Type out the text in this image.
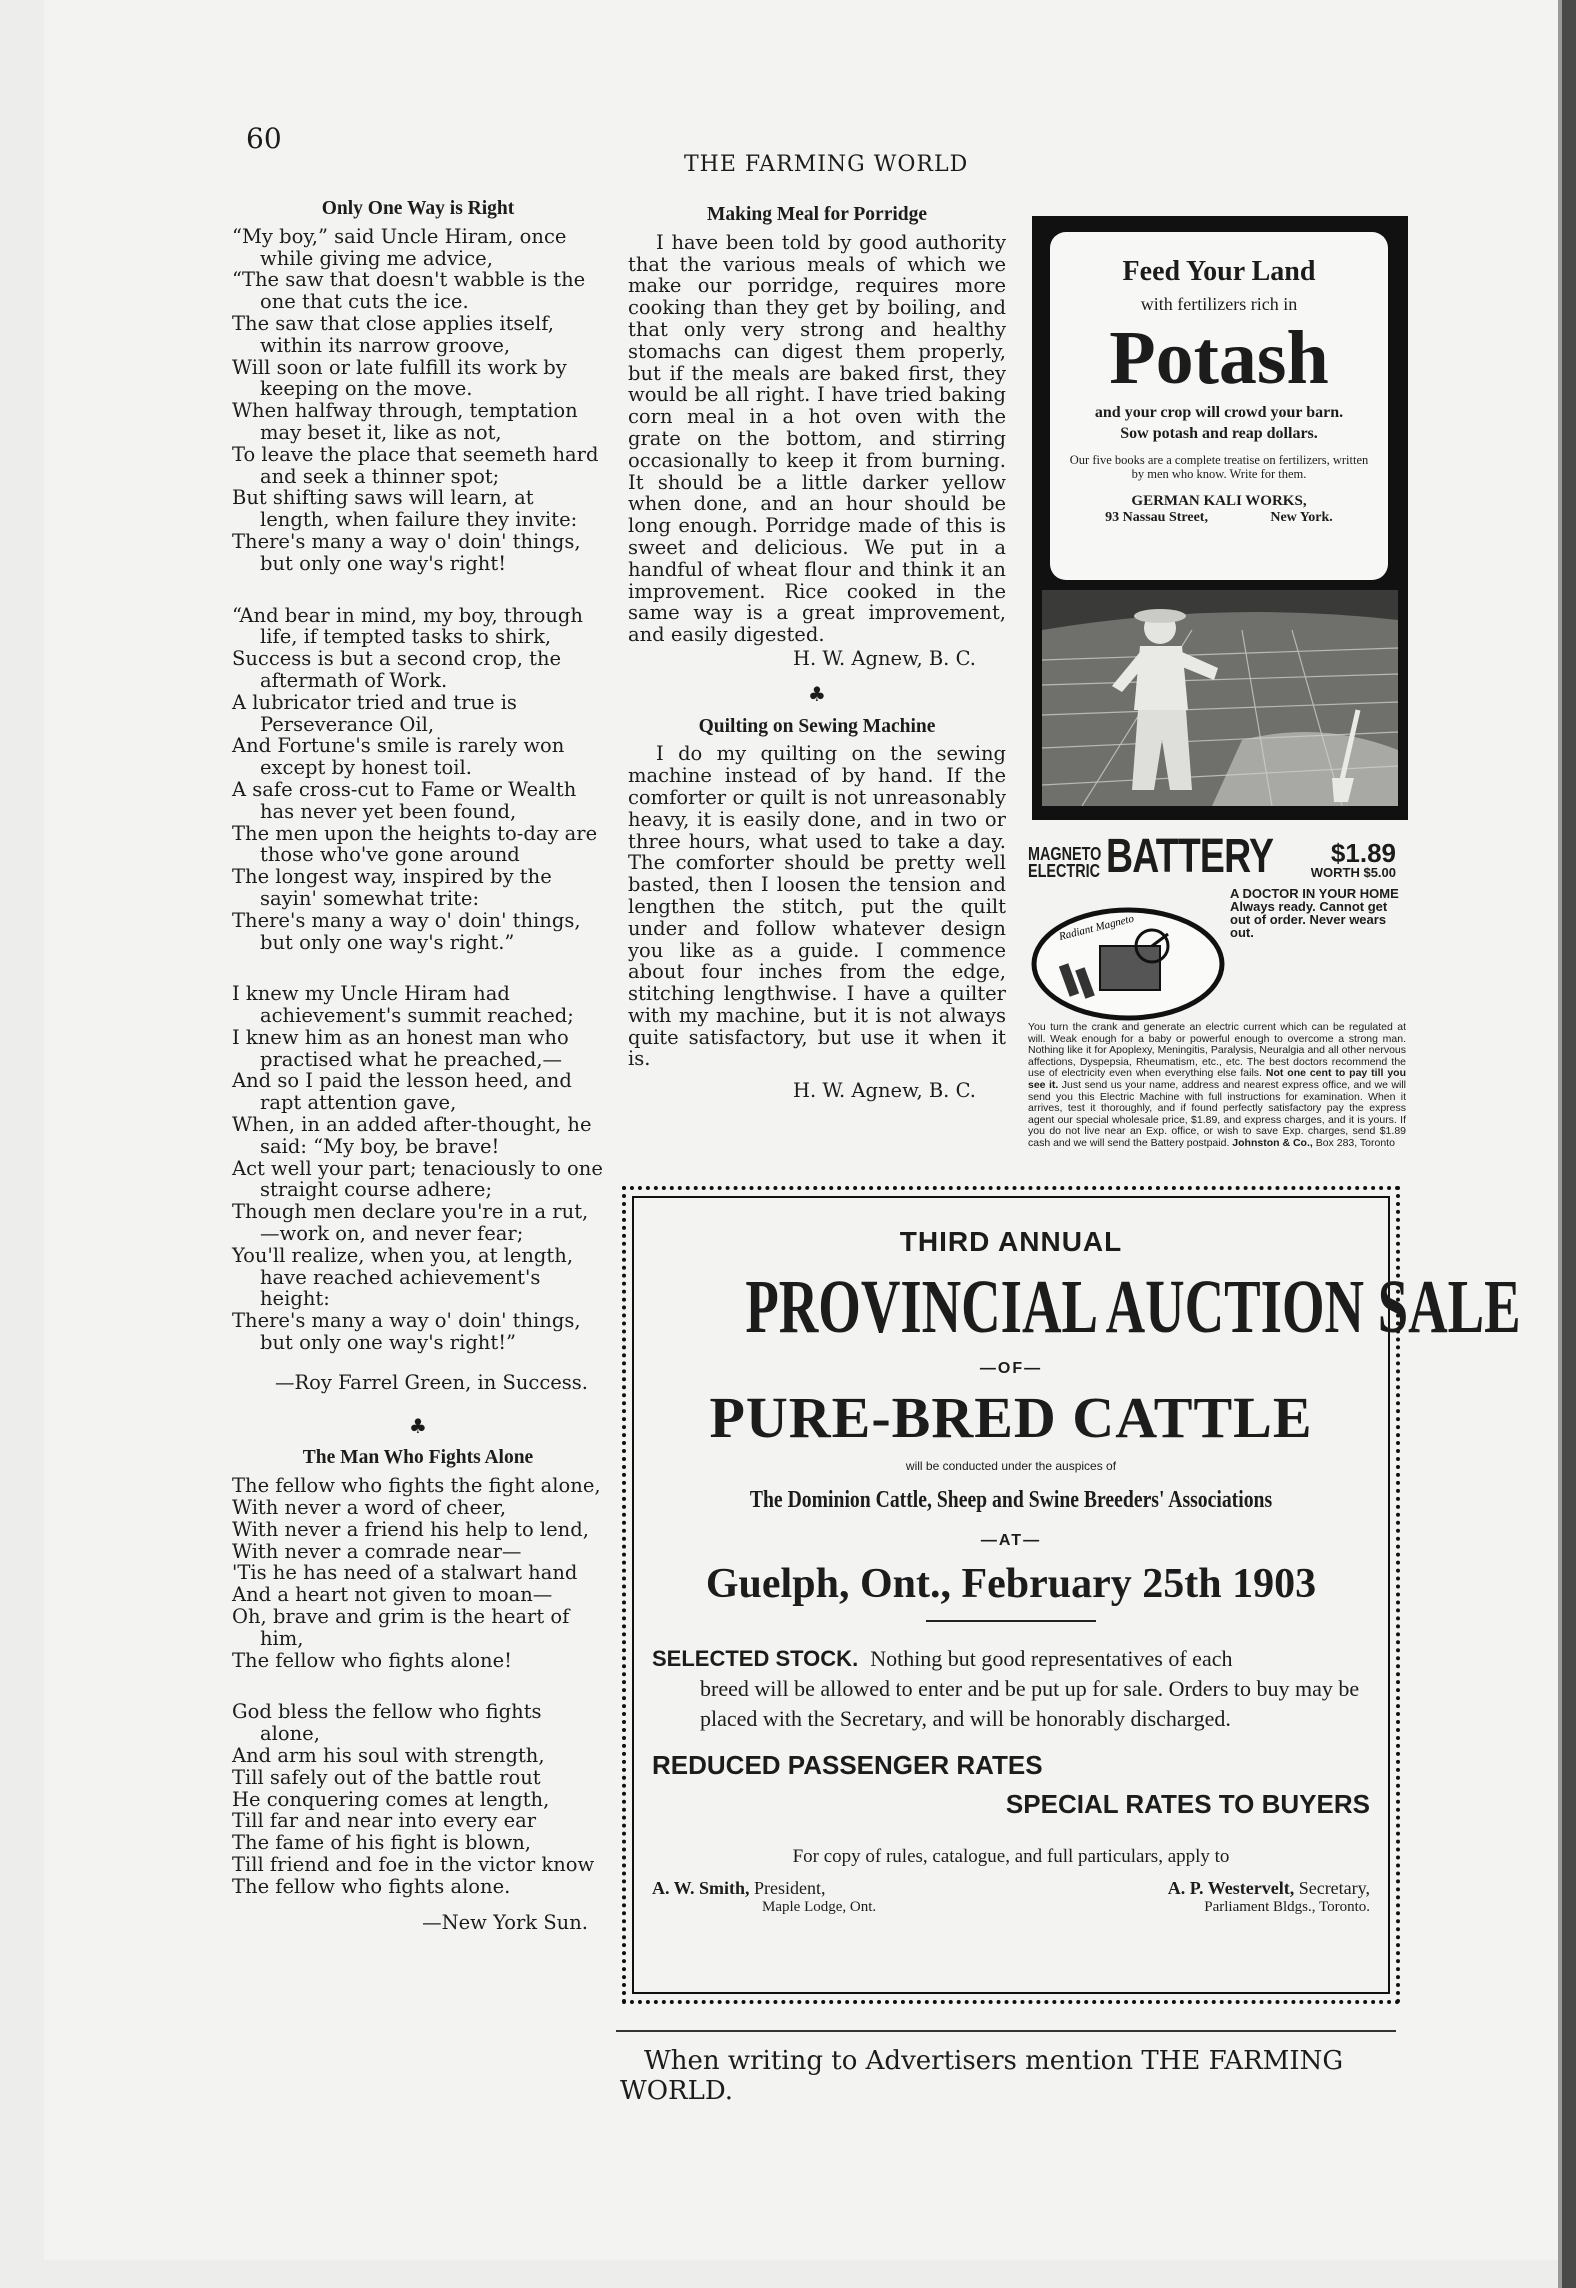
60
THE FARMING WORLD
Only One Way is Right
“My boy,” said Uncle Hiram, once while giving me advice,
“The saw that doesn't wabble is the one that cuts the ice.
The saw that close applies itself, within its narrow groove,
Will soon or late fulfill its work by keeping on the move.
When halfway through, temptation may beset it, like as not,
To leave the place that seemeth hard and seek a thinner spot;
But shifting saws will learn, at length, when failure they invite:
There's many a way o' doin' things, but only one way's right!
“And bear in mind, my boy, through life, if tempted tasks to shirk,
Success is but a second crop, the aftermath of Work.
A lubricator tried and true is Perseverance Oil,
And Fortune's smile is rarely won except by honest toil.
A safe cross-cut to Fame or Wealth has never yet been found,
The men upon the heights to-day are those who've gone around
The longest way, inspired by the sayin' somewhat trite:
There's many a way o' doin' things, but only one way's right.”
I knew my Uncle Hiram had achievement's summit reached;
I knew him as an honest man who practised what he preached,—
And so I paid the lesson heed, and rapt attention gave,
When, in an added after-thought, he said: “My boy, be brave!
Act well your part; tenaciously to one straight course adhere;
Though men declare you're in a rut,—work on, and never fear;
You'll realize, when you, at length, have reached achievement's height:
There's many a way o' doin' things, but only one way's right!”
—Roy Farrel Green, in Success.
♣
The Man Who Fights Alone
The fellow who fights the fight alone,
With never a word of cheer,
With never a friend his help to lend,
With never a comrade near—
'Tis he has need of a stalwart hand
And a heart not given to moan—
Oh, brave and grim is the heart of him,
The fellow who fights alone!
God bless the fellow who fights alone,
And arm his soul with strength,
Till safely out of the battle rout
He conquering comes at length,
Till far and near into every ear
The fame of his fight is blown,
Till friend and foe in the victor know
The fellow who fights alone.
—New York Sun.
Making Meal for Porridge

I have been told by good authority that the various meals of which we make our porridge, requires more cooking than they get by boiling, and that only very strong and healthy stomachs can digest them properly, but if the meals are baked first, they would be all right. I have tried baking corn meal in a hot oven with the grate on the bottom, and stirring occasionally to keep it from burning. It should be a little darker yellow when done, and an hour should be long enough. Porridge made of this is sweet and delicious. We put in a handful of wheat flour and think it an improvement. Rice cooked in the same way is a great improvement, and easily digested.

H. W. Agnew, B. C.
♣
Quilting on Sewing Machine

I do my quilting on the sewing machine instead of by hand. If the comforter or quilt is not unreasonably heavy, it is easily done, and in two or three hours, what used to take a day. The comforter should be pretty well basted, then I loosen the tension and lengthen the stitch, put the quilt under and follow whatever design you like as a guide. I commence about four inches from the edge, stitching lengthwise. I have a quilter with my machine, but it is not always quite satisfactory, but use it when it is.

H. W. Agnew, B. C.
Feed Your Land
with fertilizers rich in
Potash
and your crop will crowd your barn.
Sow potash and reap dollars.
Our five books are a complete treatise on fertilizers, written by men who know. Write for them.
GERMAN KALI WORKS,
93 Nassau Street,	New York.
MAGNETO
ELECTRIC BATTERY	$1.89
WORTH $5.00
Radiant Magneto
A DOCTOR IN YOUR HOME
Always ready. Cannot get out of order. Never wears out.
You turn the crank and generate an electric current which can be regulated at will. Weak enough for a baby or powerful enough to overcome a strong man. Nothing like it for Apoplexy, Meningitis, Paralysis, Neuralgia and all other nervous affections, Dyspepsia, Rheumatism, etc., etc. The best doctors recommend the use of electricity even when everything else fails. Not one cent to pay till you see it. Just send us your name, address and nearest express office, and we will send you this Electric Machine with full instructions for examination. When it arrives, test it thoroughly, and if found perfectly satisfactory pay the express agent our special wholesale price, $1.89, and express charges, and it is yours. If you do not live near an Exp. office, or wish to save Exp. charges, send $1.89 cash and we will send the Battery postpaid. Johnston & Co., Box 283, Toronto
THIRD ANNUAL
PROVINCIAL AUCTION SALE
—OF—
PURE-BRED CATTLE
will be conducted under the auspices of
The Dominion Cattle, Sheep and Swine Breeders' Associations
—AT—
Guelph, Ont., February 25th 1903
SELECTED STOCK. Nothing but good representatives of each
breed will be allowed to enter and be put up for sale. Orders to buy may be placed with the Secretary, and will be honorably discharged.
REDUCED PASSENGER RATES
SPECIAL RATES TO BUYERS
For copy of rules, catalogue, and full particulars, apply to
A. W. Smith, President,
Maple Lodge, Ont.
A. P. Westervelt, Secretary,
Parliament Bldgs., Toronto.
When writing to Advertisers mention THE FARMING
WORLD.
